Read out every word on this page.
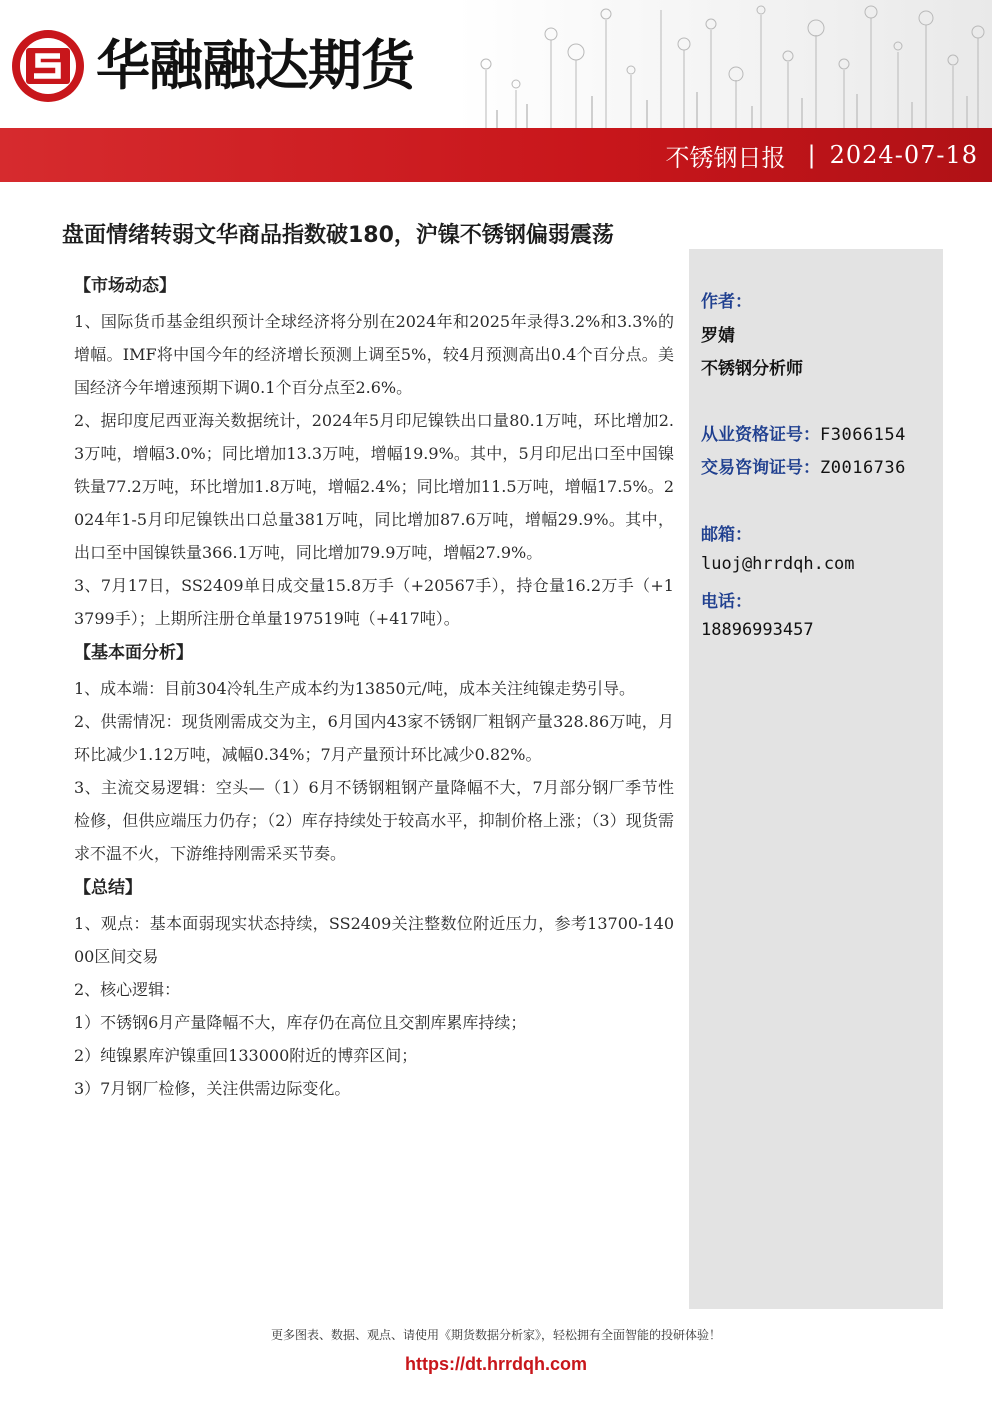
华融融达期货
不锈钢日报 | 2024-07-18
盘面情绪转弱文华商品指数破180，沪镍不锈钢偏弱震荡
【市场动态】
1、国际货币基金组织预计全球经济将分别在2024年和2025年录得3.2%和3.3%的增幅。IMF将中国今年的经济增长预测上调至5%，较4月预测高出0.4个百分点。美国经济今年增速预期下调0.1个百分点至2.6%。
2、据印度尼西亚海关数据统计，2024年5月印尼镍铁出口量80.1万吨，环比增加2.3万吨，增幅3.0%；同比增加13.3万吨，增幅19.9%。其中，5月印尼出口至中国镍铁量77.2万吨，环比增加1.8万吨，增幅2.4%；同比增加11.5万吨，增幅17.5%。2024年1-5月印尼镍铁出口总量381万吨，同比增加87.6万吨，增幅29.9%。其中，出口至中国镍铁量366.1万吨，同比增加79.9万吨，增幅27.9%。
3、7月17日，SS2409单日成交量15.8万手（+20567手），持仓量16.2万手（+13799手）；上期所注册仓单量197519吨（+417吨）。
【基本面分析】
1、成本端：目前304冷轧生产成本约为13850元/吨，成本关注纯镍走势引导。
2、供需情况：现货刚需成交为主，6月国内43家不锈钢厂粗钢产量328.86万吨，月环比减少1.12万吨，减幅0.34%；7月产量预计环比减少0.82%。
3、主流交易逻辑：空头—（1）6月不锈钢粗钢产量降幅不大，7月部分钢厂季节性检修，但供应端压力仍存；（2）库存持续处于较高水平，抑制价格上涨；（3）现货需求不温不火，下游维持刚需采买节奏。
【总结】
1、观点：基本面弱现实状态持续，SS2409关注整数位附近压力，参考13700-14000区间交易
2、核心逻辑：
1）不锈钢6月产量降幅不大，库存仍在高位且交割库累库持续；
2）纯镍累库沪镍重回133000附近的博弈区间；
3）7月钢厂检修，关注供需边际变化。
作者：
罗婧
不锈钢分析师
从业资格证号：F3066154
交易咨询证号：Z0016736
邮箱：
luoj@hrrdqh.com
电话：
18896993457
更多图表、数据、观点、请使用《期货数据分析家》，轻松拥有全面智能的投研体验！
https://dt.hrrdqh.com
